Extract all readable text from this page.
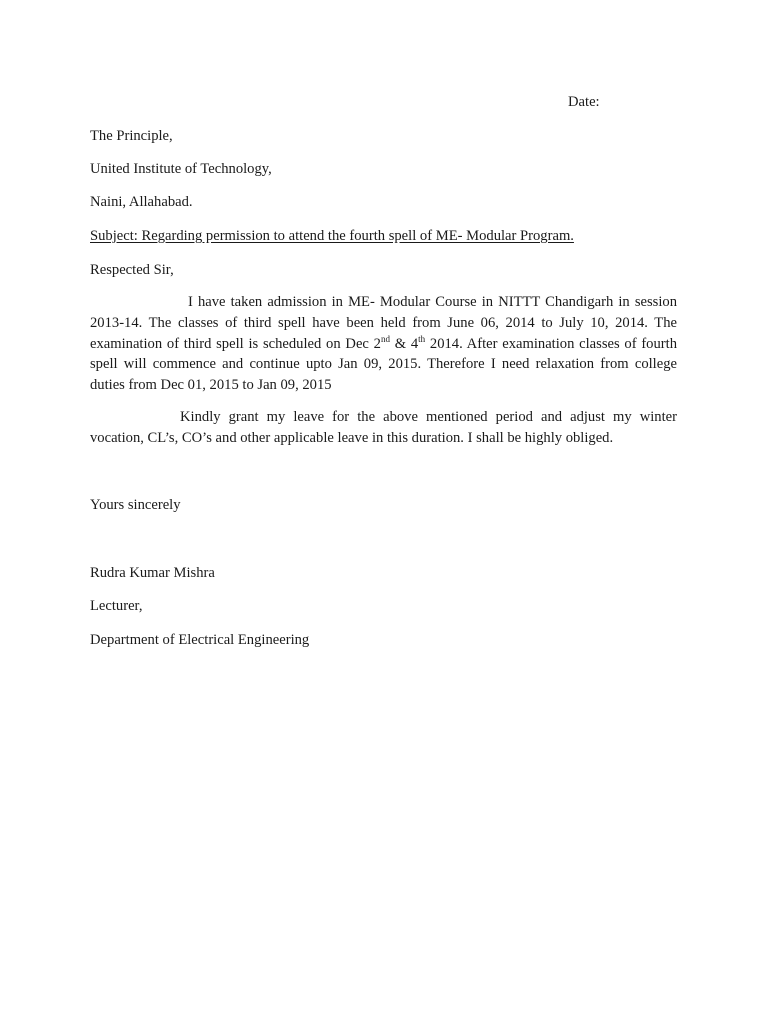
Date:
The Principle,
United Institute of Technology,
Naini, Allahabad.
Subject: Regarding permission to attend the fourth spell of ME- Modular Program.
Respected Sir,
I have taken admission in ME- Modular Course in NITTT Chandigarh in session 2013-14. The classes of third spell have been held from June 06, 2014 to July 10, 2014. The examination of third spell is scheduled on Dec 2nd & 4th 2014. After examination classes of fourth spell will commence and continue upto Jan 09, 2015. Therefore I need relaxation from college duties from Dec 01, 2015 to Jan 09, 2015
Kindly grant my leave for the above mentioned period and adjust my winter vocation, CL’s, CO’s and other applicable leave in this duration. I shall be highly obliged.
Yours sincerely
Rudra Kumar Mishra
Lecturer,
Department of Electrical Engineering
